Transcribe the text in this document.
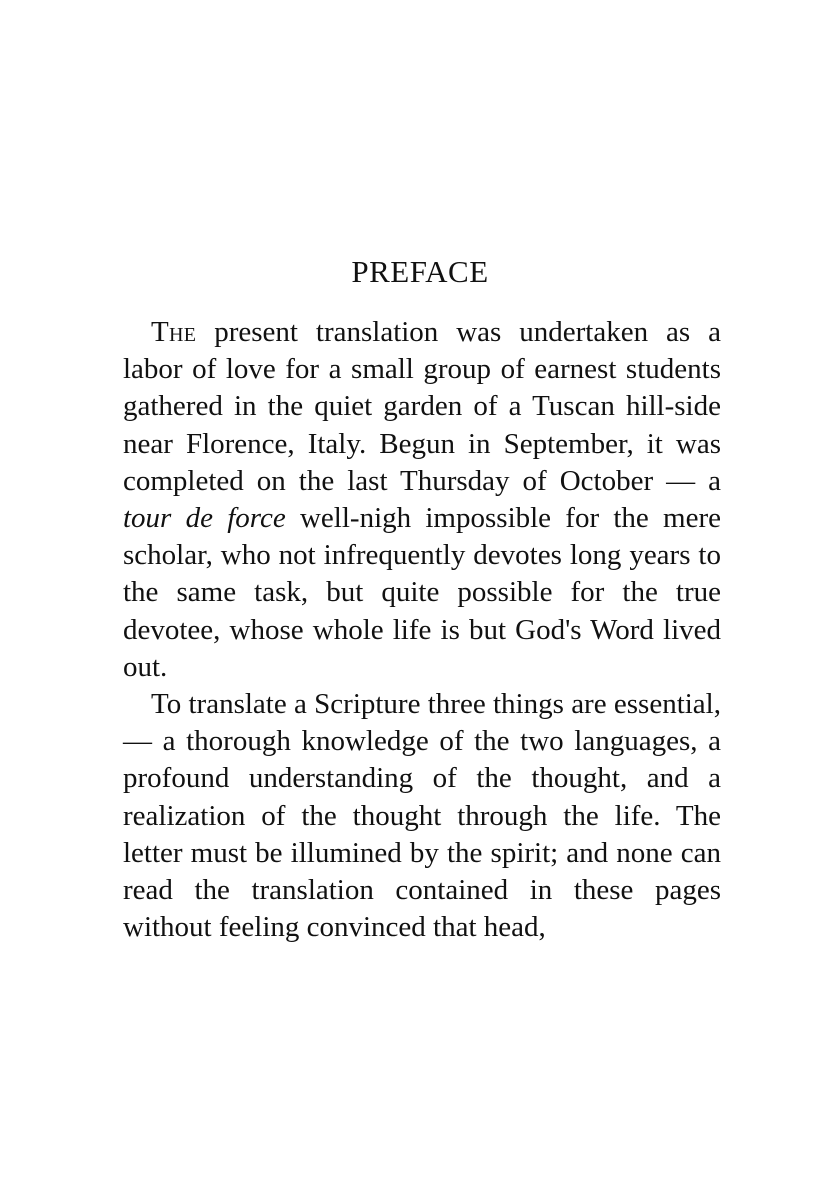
PREFACE

The present translation was undertaken as a labor of love for a small group of earnest students gathered in the quiet garden of a Tuscan hill-side near Florence, Italy. Begun in September, it was completed on the last Thursday of October — a tour de force well-nigh impossible for the mere scholar, who not infrequently devotes long years to the same task, but quite possible for the true devotee, whose whole life is but God's Word lived out.

To translate a Scripture three things are essential, — a thorough knowledge of the two languages, a profound understanding of the thought, and a realization of the thought through the life. The letter must be illumined by the spirit; and none can read the translation contained in these pages without feeling convinced that head,
